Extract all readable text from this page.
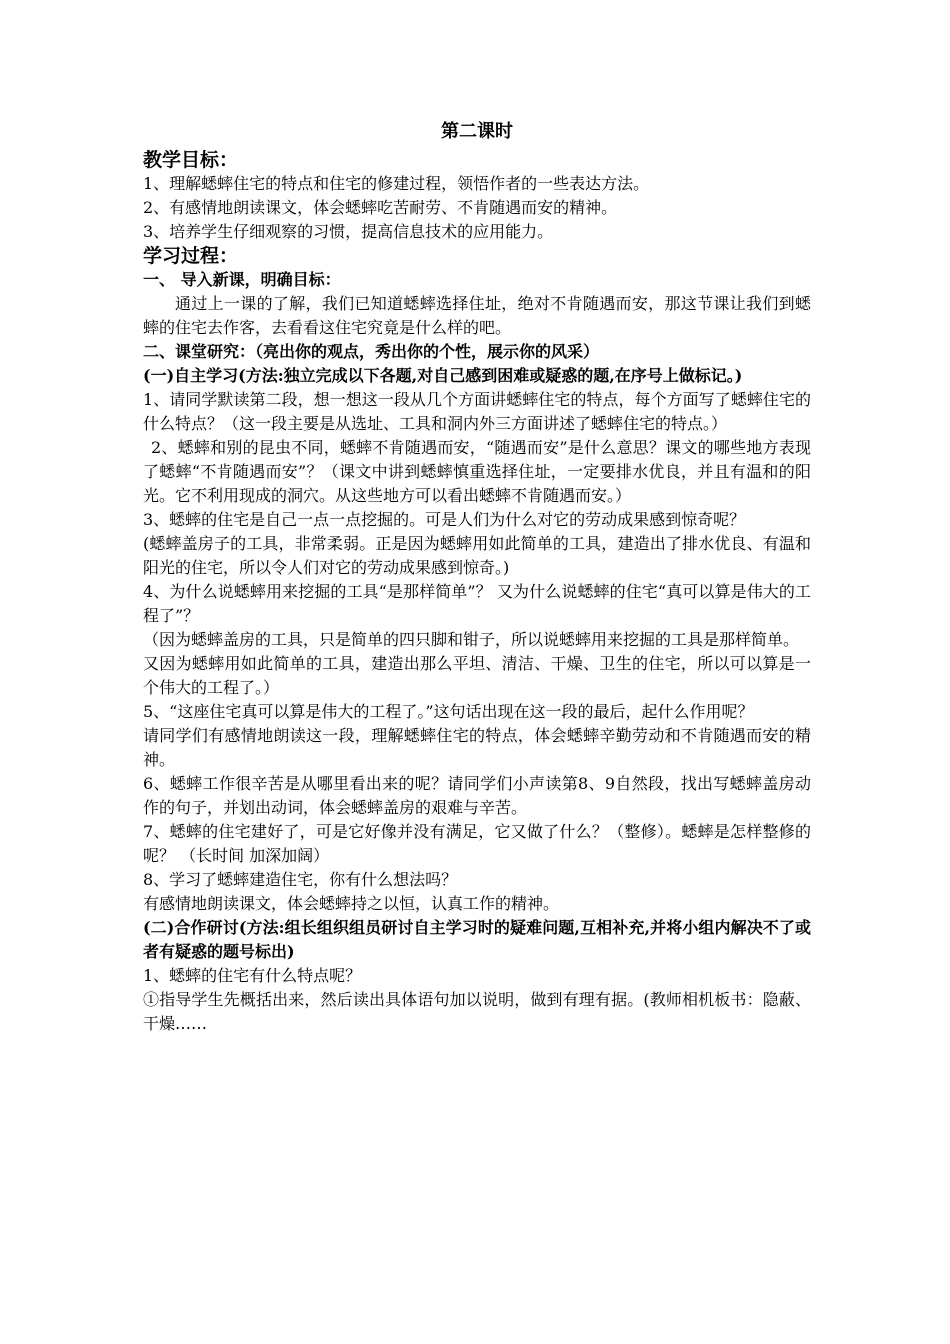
第二课时
教学目标：
1、理解蟋蟀住宅的特点和住宅的修建过程，领悟作者的一些表达方法。
2、有感情地朗读课文，体会蟋蟀吃苦耐劳、不肯随遇而安的精神。
3、培养学生仔细观察的习惯，提高信息技术的应用能力。
学习过程：
一、 导入新课，明确目标：
通过上一课的了解，我们已知道蟋蟀选择住址，绝对不肯随遇而安，那这节课让我们到蟋蟀的住宅去作客，去看看这住宅究竟是什么样的吧。
二、课堂研究：（亮出你的观点，秀出你的个性，展示你的风采）
(一)自主学习(方法:独立完成以下各题,对自己感到困难或疑惑的题,在序号上做标记。)
1、请同学默读第二段，想一想这一段从几个方面讲蟋蟀住宅的特点，每个方面写了蟋蟀住宅的什么特点？（这一段主要是从选址、工具和洞内外三方面讲述了蟋蟀住宅的特点。）
2、蟋蟀和别的昆虫不同，蟋蟀不肯随遇而安，“随遇而安”是什么意思？课文的哪些地方表现了蟋蟀“不肯随遇而安”？（课文中讲到蟋蟀慎重选择住址，一定要排水优良，并且有温和的阳光。它不利用现成的洞穴。从这些地方可以看出蟋蟀不肯随遇而安。）
3、蟋蟀的住宅是自己一点一点挖掘的。可是人们为什么对它的劳动成果感到惊奇呢？
(蟋蟀盖房子的工具，非常柔弱。正是因为蟋蟀用如此简单的工具，建造出了排水优良、有温和阳光的住宅，所以令人们对它的劳动成果感到惊奇。)
4、为什么说蟋蟀用来挖掘的工具“是那样简单”？ 又为什么说蟋蟀的住宅“真可以算是伟大的工程了”？
（因为蟋蟀盖房的工具，只是简单的四只脚和钳子，所以说蟋蟀用来挖掘的工具是那样简单。
又因为蟋蟀用如此简单的工具，建造出那么平坦、清洁、干燥、卫生的住宅，所以可以算是一个伟大的工程了。）
5、“这座住宅真可以算是伟大的工程了。”这句话出现在这一段的最后，起什么作用呢？
请同学们有感情地朗读这一段，理解蟋蟀住宅的特点，体会蟋蟀辛勤劳动和不肯随遇而安的精神。
6、蟋蟀工作很辛苦是从哪里看出来的呢？请同学们小声读第8、9自然段，找出写蟋蟀盖房动作的句子，并划出动词，体会蟋蟀盖房的艰难与辛苦。
7、蟋蟀的住宅建好了，可是它好像并没有满足，它又做了什么？（整修）。蟋蟀是怎样整修的呢？ （长时间 加深加阔）
8、学习了蟋蟀建造住宅，你有什么想法吗？
有感情地朗读课文，体会蟋蟀持之以恒，认真工作的精神。
(二)合作研讨(方法:组长组织组员研讨自主学习时的疑难问题,互相补充,并将小组内解决不了或者有疑惑的题号标出)
1、蟋蟀的住宅有什么特点呢？
①指导学生先概括出来，然后读出具体语句加以说明，做到有理有据。(教师相机板书：隐蔽、干燥……
